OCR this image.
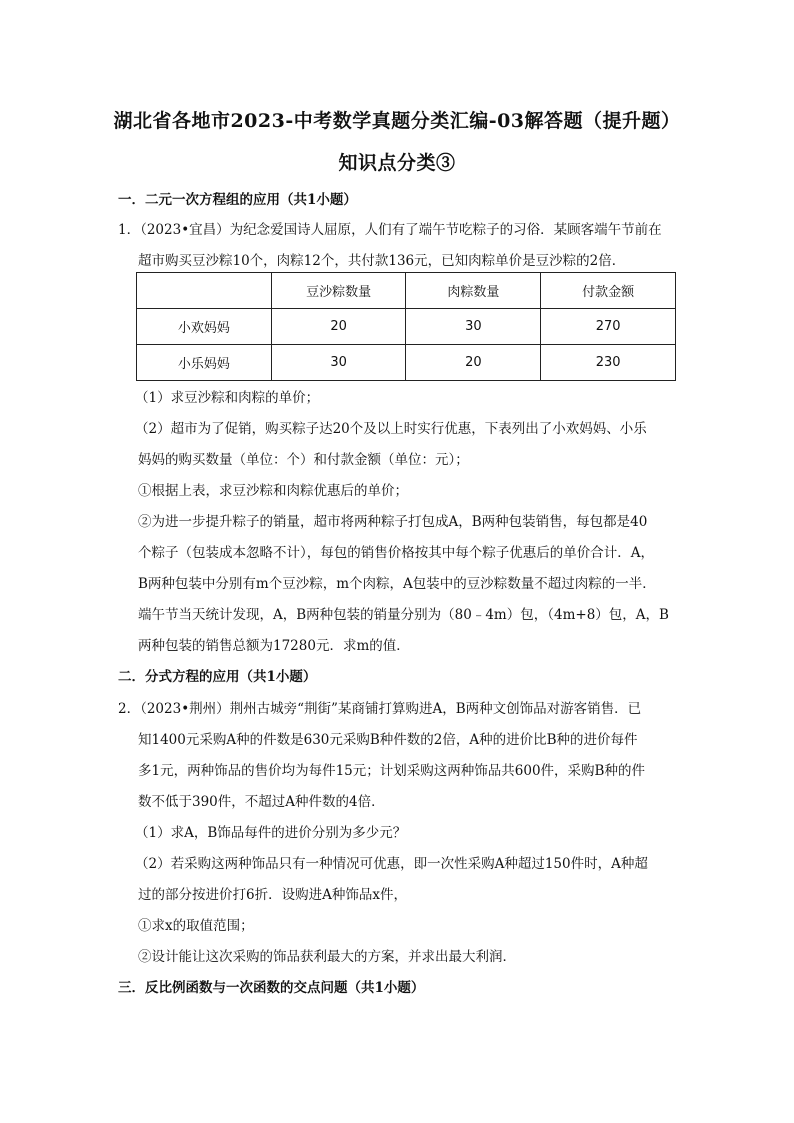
湖北省各地市2023-中考数学真题分类汇编-03解答题（提升题）
知识点分类③
一．二元一次方程组的应用（共1小题）
1．（2023•宜昌）为纪念爱国诗人屈原，人们有了端午节吃粽子的习俗．某顾客端午节前在
超市购买豆沙粽10个，肉粽12个，共付款136元，已知肉粽单价是豆沙粽的2倍．
	豆沙粽数量	肉粽数量	付款金额
小欢妈妈	20	30	270
小乐妈妈	30	20	230
（1）求豆沙粽和肉粽的单价；
（2）超市为了促销，购买粽子达20个及以上时实行优惠，下表列出了小欢妈妈、小乐
妈妈的购买数量（单位：个）和付款金额（单位：元）；
①根据上表，求豆沙粽和肉粽优惠后的单价；
②为进一步提升粽子的销量，超市将两种粽子打包成A，B两种包装销售，每包都是40
个粽子（包装成本忽略不计），每包的销售价格按其中每个粽子优惠后的单价合计．A，
B两种包装中分别有m个豆沙粽，m个肉粽，A包装中的豆沙粽数量不超过肉粽的一半．
端午节当天统计发现，A，B两种包装的销量分别为（80﹣4m）包，（4m+8）包，A，B
两种包装的销售总额为17280元．求m的值．
二．分式方程的应用（共1小题）
2．（2023•荆州）荆州古城旁“荆街”某商铺打算购进A，B两种文创饰品对游客销售．已
知1400元采购A种的件数是630元采购B种件数的2倍，A种的进价比B种的进价每件
多1元，两种饰品的售价均为每件15元；计划采购这两种饰品共600件，采购B种的件
数不低于390件，不超过A种件数的4倍．
（1）求A，B饰品每件的进价分别为多少元？
（2）若采购这两种饰品只有一种情况可优惠，即一次性采购A种超过150件时，A种超
过的部分按进价打6折．设购进A种饰品x件，
①求x的取值范围；
②设计能让这次采购的饰品获利最大的方案，并求出最大利润．
三．反比例函数与一次函数的交点问题（共1小题）
